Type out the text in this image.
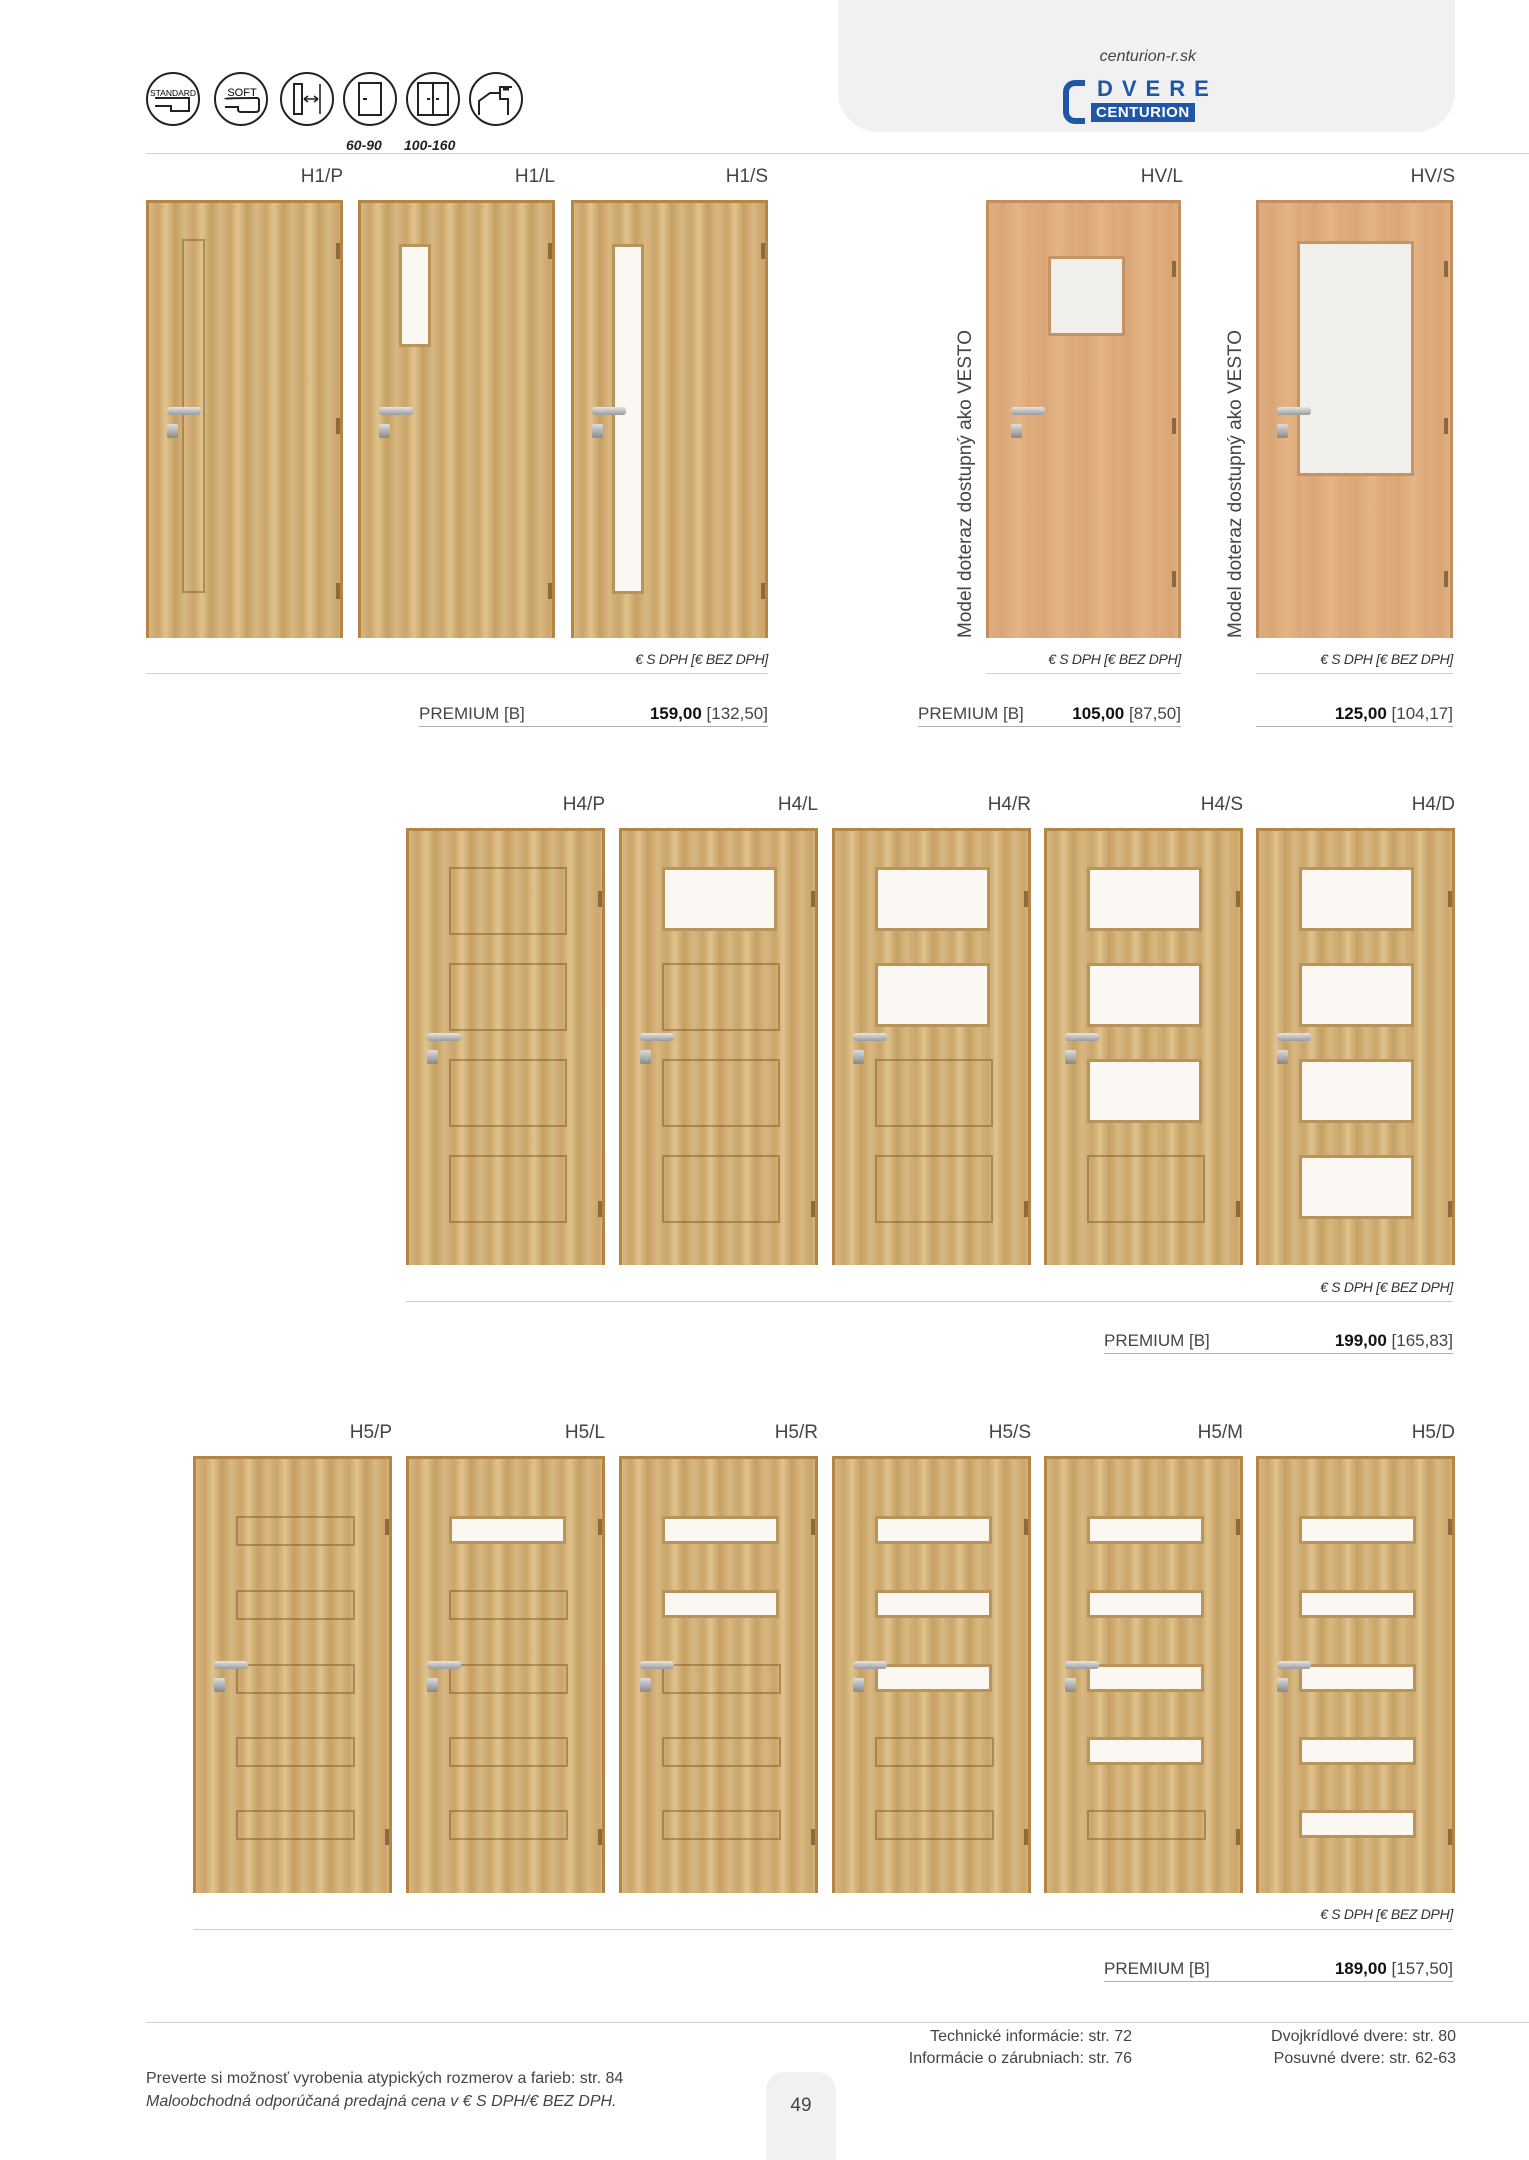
centurion-r.sk
DVERE
CENTURION
STANDARD	SOFT
60-90 100-160
H1/P	H1/L	H1/S	HV/L	HV/S
Model doteraz dostupný ako VESTO	Model doteraz dostupný ako VESTO
€ S DPH [€ BEZ DPH]	€ S DPH [€ BEZ DPH]	€ S DPH [€ BEZ DPH]
PREMIUM [B]	159,00 [132,50]	PREMIUM [B]	105,00 [87,50]	125,00 [104,17]
H4/P	H4/L	H4/R	H4/S	H4/D
€ S DPH [€ BEZ DPH]
PREMIUM [B]	199,00 [165,83]
H5/P	H5/L	H5/R	H5/S	H5/M	H5/D
€ S DPH [€ BEZ DPH]
PREMIUM [B]	189,00 [157,50]
Technické informácie: str. 72
Informácie o zárubniach: str. 76
Dvojkrídlové dvere: str. 80
Posuvné dvere: str. 62-63
Preverte si možnosť vyrobenia atypických rozmerov a farieb: str. 84
Maloobchodná odporúčaná predajná cena v € S DPH/€ BEZ DPH.	49
